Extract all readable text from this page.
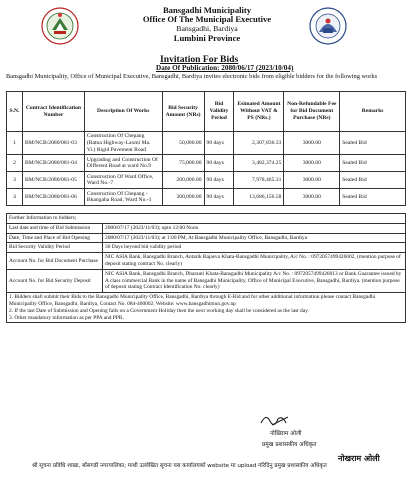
Bansgadhi Municipality
Office Of The Municipal Executive
Bansgadhi, Bardiya
Lumbini Province
Invitation For Bids
Date Of Publication: 2080/06/17 (2023/10/04)
Bansgadhi Municipality, Office of Municipal Executive, Bansgadhi, Bardiya invites electronic bids from eligible bidders for the following works
S.N.	Contract Identification Number	Description Of Works	Bid Security Amount (NRs)	Bid Validity Period	Esimated Amount Without VAT & PS (NRs.)	Non-Refundable Fee for Bid Document Purchase (NRs)	Remarks
1	BM/NCB/2080/081-03	Construction Of Chepang (Ratna Highway-Laxmi Ma. Vi.) Rigid Pavement Road	50,000.00	90 days	2,307,836.33	3000.00	Sealed Bid
2	BM/NCB/2080/081-04	Upgrading and Construction Of Different Road at ward No.9	75,000.00	90 days	3,482,374.25	3000.00	Sealed Bid
3	BM/NCB/2080/081-05	Construction Of Ward Office, Ward No.-7	200,000.00	90 days	7,978,465.31	3000.00	Sealed Bid
4	BM/NCB/2080/081-06	Construction Of Chepang - Bhangaha Road, Ward No.-1	300,000.00	90 days	13,686,156.58	3000.00	Sealed Bid
Further Information to bidders;	
Last date and time of Bid Submission	2080/07/17 (2023/11/03); upto 12:00 Noon
Date, Time and Place of Bid Opening	2080/07/17 (2023/11/03); at 1:00 PM, At Bansgadhi Municipality Office, Bansgadhi, Bardiya
Bid Security Validity Period	30 Days beyond bid validity period
Account No. for Bid Document Purchase	NIC ASIA Bank, Bansgadhi Branch, Antarik Rajasva Khata-Bansgadhi Municipality, A/c No. : 0972057499426002, (mention purpose of deposit stating contract No. clearly)
Account No. for Bid Security Deposit	NIC ASIA Bank, Bansgadhi Branch, Dharauti Khata-Bansgadhi Municipality A/c No. : 0972057499426013 or Bank Guarantee issued by A class commercial Bank in the name of Bansgadhi Municipality, Office of Municipal Executive, Bansgadhi, Bardiya. (mention purpose of deposit stating Contract Identification No. clearly)

1. Bidders shall submit their Bids to the Bansgadhi Municipality Office, Bansgadhi, Bardiya through E-Bid and for other additional information please contact Bansgadhi Municipality Office, Bansgadhi, Bardiya, Contact No. 084-400002, Website: www.bansgadhimun.gov.np
2. If the last Date of Submission and Opening falls on a Government Holiday then the next working day shall be considered as the last day.
3. Other mandatory information as per PPA and PPR.	
नोखिराम ओली
प्रमुख प्रशासकीय अधिकृत
नोखराम ओली
श्री सूचना प्रविधि शाखा, बाँसगढी नगरपालिका; माथी उल्लेखित सूचना यस कार्यालयको website मा upload गरिदिनु प्रमुख प्रशासकीय अधिकृत
